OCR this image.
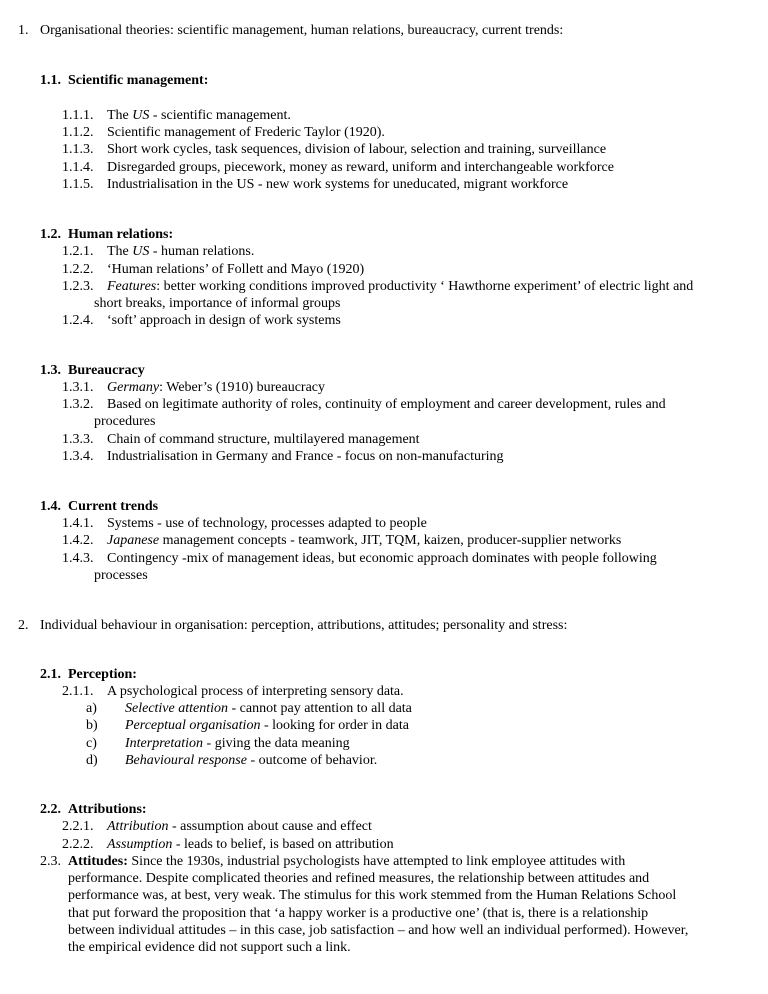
1. Organisational theories: scientific management, human relations, bureaucracy, current trends:
1.1. Scientific management:
1.1.1. The US - scientific management.
1.1.2. Scientific management of Frederic Taylor (1920).
1.1.3. Short work cycles, task sequences, division of labour, selection and training, surveillance
1.1.4. Disregarded groups, piecework, money as reward, uniform and interchangeable workforce
1.1.5. Industrialisation in the US - new work systems for uneducated, migrant workforce
1.2. Human relations:
1.2.1. The US - human relations.
1.2.2. ‘Human relations’ of Follett and Mayo (1920)
1.2.3. Features: better working conditions improved productivity ‘ Hawthorne experiment’ of electric light and
short breaks, importance of informal groups
1.2.4. ‘soft’ approach in design of work systems
1.3. Bureaucracy
1.3.1. Germany: Weber’s (1910) bureaucracy
1.3.2. Based on legitimate authority of roles, continuity of employment and career development, rules and
procedures
1.3.3. Chain of command structure, multilayered management
1.3.4. Industrialisation in Germany and France - focus on non-manufacturing
1.4. Current trends
1.4.1. Systems - use of technology, processes adapted to people
1.4.2. Japanese management concepts - teamwork, JIT, TQM, kaizen, producer-supplier networks
1.4.3. Contingency -mix of management ideas, but economic approach dominates with people following
processes
2. Individual behaviour in organisation: perception, attributions, attitudes; personality and stress:
2.1. Perception:
2.1.1. A psychological process of interpreting sensory data.
a) Selective attention - cannot pay attention to all data
b) Perceptual organisation - looking for order in data
c) Interpretation - giving the data meaning
d) Behavioural response - outcome of behavior.
2.2. Attributions:
2.2.1. Attribution - assumption about cause and effect
2.2.2. Assumption - leads to belief, is based on attribution
2.3. Attitudes: Since the 1930s, industrial psychologists have attempted to link employee attitudes with
performance. Despite complicated theories and refined measures, the relationship between attitudes and
performance was, at best, very weak. The stimulus for this work stemmed from the Human Relations School
that put forward the proposition that ‘a happy worker is a productive one’ (that is, there is a relationship
between individual attitudes – in this case, job satisfaction – and how well an individual performed). However,
the empirical evidence did not support such a link.
